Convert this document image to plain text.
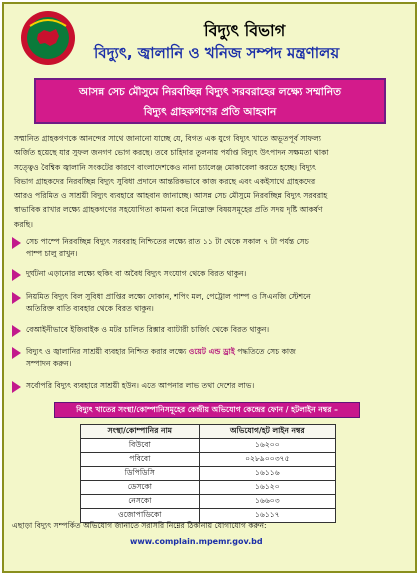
বিদ্যুৎ বিভাগ
বিদ্যুৎ, জ্বালানি ও খনিজ সম্পদ মন্ত্রণালয়
আসন্ন সেচ মৌসুমে নিরবচ্ছিন্ন বিদ্যুৎ সরবরাহের লক্ষ্যে সম্মানিত
বিদ্যুৎ গ্রাহকগণের প্রতি আহবান
সম্মানিত গ্রাহকগণকে আনন্দের সাথে জানানো যাচ্ছে যে, বিগত এক যুগে বিদ্যুৎ খাতে অভূতপূর্ব সাফল্য
অর্জিত হয়েছে যার সুফল জনগণ ভোগ করছে। তবে চাহিদার তুলনায় পর্যাপ্ত বিদ্যুৎ উৎপাদন সক্ষমতা থাকা
সত্ত্বেও বৈশ্বিক জ্বালানি সংকটের কারণে বাংলাদেশকেও নানা চ্যালেঞ্জ মোকাবেলা করতে হচ্ছে। বিদ্যুৎ
বিভাগ গ্রাহকদের নিরবচ্ছিন্ন বিদ্যুৎ সুবিধা প্রদানে আন্তরিকভাবে কাজ করছে এবং একইসাথে গ্রাহকদের
আরও পরিমিত ও সাশ্রয়ী বিদ্যুৎ ব্যবহারে আহবান জানাচ্ছে। আসন্ন সেচ মৌসুমে নিরবচ্ছিন্ন বিদ্যুৎ সরবরাহ
স্বাভাবিক রাখার লক্ষ্যে গ্রাহকগণের সহযোগিতা কামনা করে নিম্নোক্ত বিষয়সমূহের প্রতি সদয় দৃষ্টি আকর্ষণ
করছি।
সেচ পাম্পে নিরবচ্ছিন্ন বিদ্যুৎ সরবরাহ নিশ্চিতের লক্ষ্যে রাত ১১ টা থেকে সকাল ৭ টা পর্যন্ত সেচ
পাম্প চালু রাখুন।
দুর্ঘটনা এড়ানোর লক্ষ্যে হুকিং বা অবৈধ বিদ্যুৎ সংযোগ থেকে বিরত থাকুন।
নিয়মিত বিদ্যুৎ বিল সুবিধা প্রাপ্তির লক্ষ্যে দোকান, শপিং মল, পেট্রোল পাম্প ও সিএনজি স্টেশনে
অতিরিক্ত বাতি ব্যবহার থেকে বিরত থাকুন।
বেআইনীভাবে ইজিবাইক ও মটর চালিত রিক্সার ব্যাটারী চার্জিং থেকে বিরত থাকুন।
বিদ্যুৎ ও জ্বালানির সাশ্রয়ী ব্যবহার নিশ্চিত করার লক্ষ্যে ওয়েট এন্ড ড্রাই পদ্ধতিতে সেচ কাজ
সম্পাদন করুন।
সর্বোপরি বিদ্যুৎ ব্যবহারে সাশ্রয়ী হউন। এতে আপনার লাভ তথা দেশের লাভ।
বিদ্যুৎ খাতের সংস্থা/কোম্পানিসমূহের কেন্দ্রীয় অভিযোগ কেন্দ্রের ফোন / হটলাইন নম্বর –
সংস্থা/কোম্পানির নাম	অভিযোগ/হট লাইন নম্বর
বিউবো	১৬২০০
পবিবো	০২৮৯০০৩৭৫
ডিপিডিসি	১৬১১৬
ডেসকো	১৬১২০
নেসকো	১৬৬০৩
ওজোপাডিকো	১৬১১৭
এছাড়া বিদ্যুৎ সম্পর্কিত অভিযোগ জানাতে সরাসরি নিম্নের ঠিকানায় যোগাযোগ করুন:
www.complain.mpemr.gov.bd
